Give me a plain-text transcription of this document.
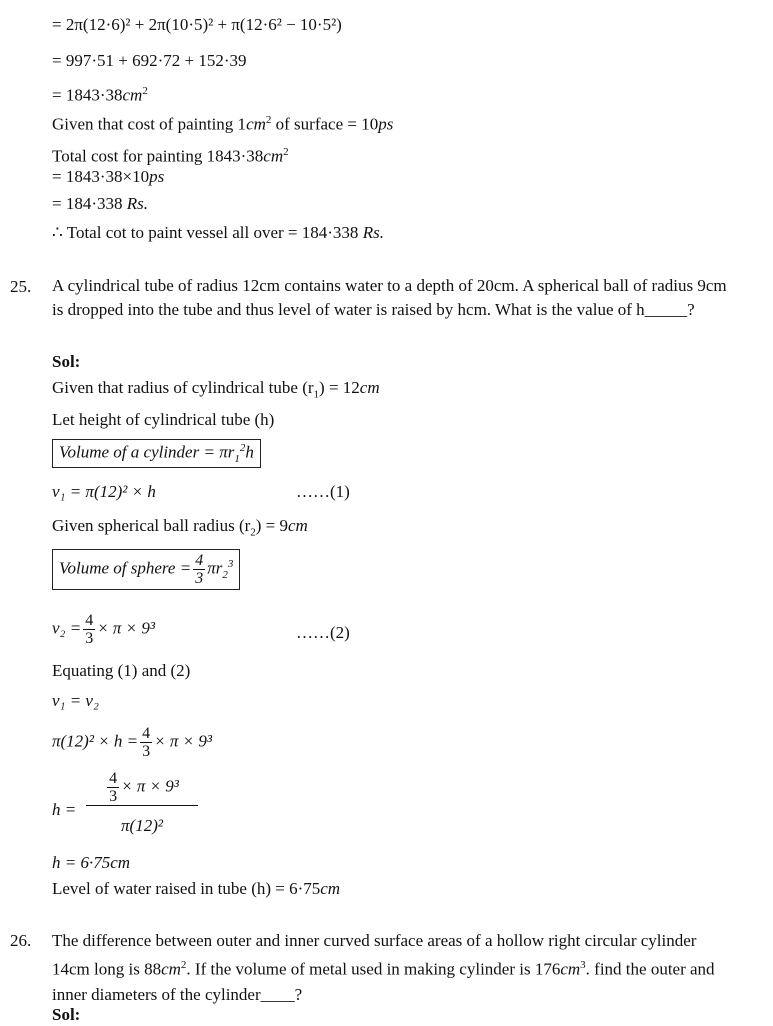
= 2π(12·6)² + 2π(10·5)² + π(12·6² − 10·5²)
= 997·51 + 692·72 + 152·39
= $1843\cdot 38cm^2$
Given that cost of painting $1cm^2$ of surface = 10ps
Total cost for painting $1843\cdot 38cm^2$
= 1843·38×10ps
= 184·338 Rs.
∴ Total cot to paint vessel all over = 184·338 Rs.
25. A cylindrical tube of radius 12cm contains water to a depth of 20cm. A spherical ball of radius 9cm is dropped into the tube and thus level of water is raised by hcm. What is the value of h_____?
Sol:
Given that radius of cylindrical tube $(r_1) = 12cm$
Let height of cylindrical tube (h)
Volume of a cylinder = $\pi r_1^2h$
v₁ = π(12)² × h	……(1)
Given spherical ball radius $(r_2) = 9cm$
Volume of sphere = $\frac{4}{3} \pi r_2^3$
$v_2 = \frac{4}{3} \times \pi \times 9^3$	……(2)
Equating (1) and (2)
v₁ = v₂
$\pi(12)^2 \times h = \frac{4}{3} \times \pi \times 9^3$
h =
$\frac{4}{3} \times \pi \times 9^3$
π(12)²
h = 6·75cm
Level of water raised in tube (h) = 6·75cm
26. The difference between outer and inner curved surface areas of a hollow right circular cylinder 14cm long is $88cm^2$. If the volume of metal used in making cylinder is $176cm^3$. find the outer and inner diameters of the cylinder____?
Sol:
